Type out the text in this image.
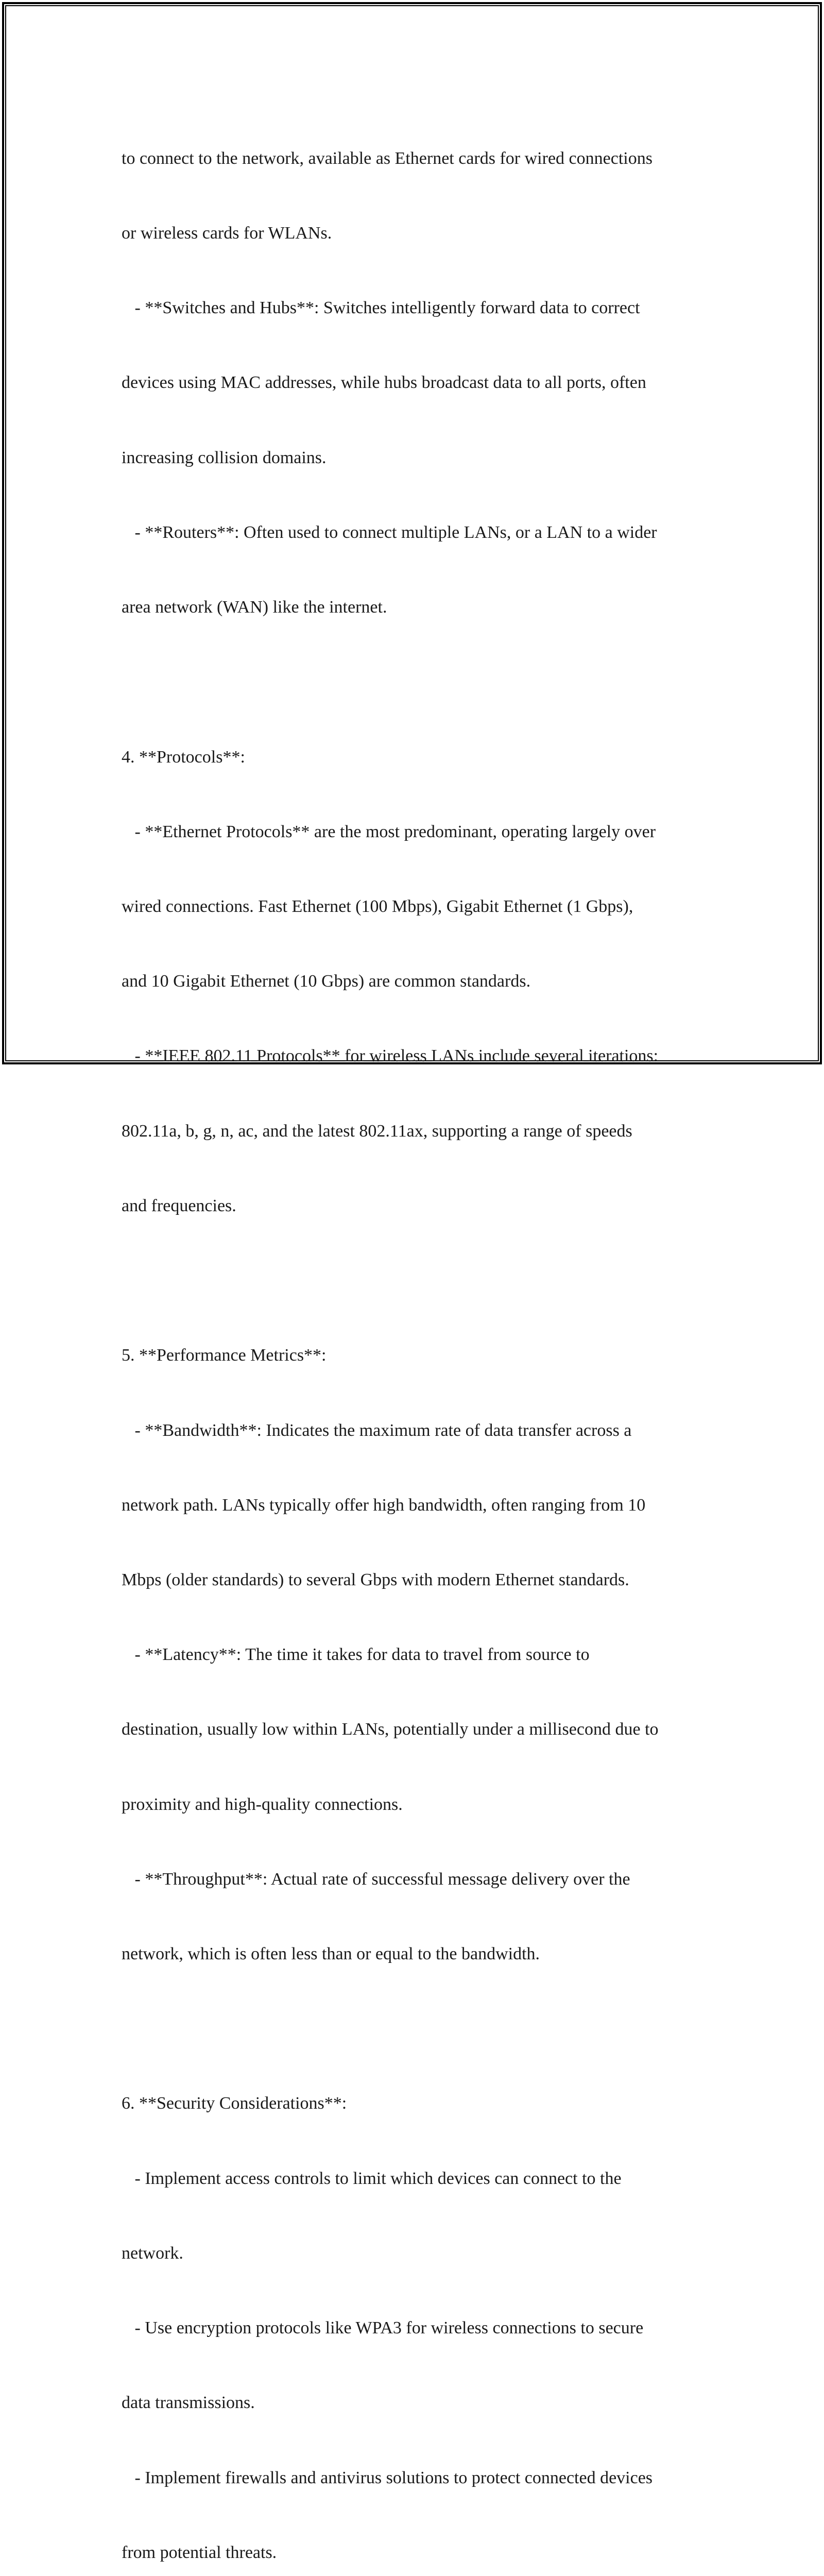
to connect to the network, available as Ethernet cards for wired connections

or wireless cards for WLANs.

- **Switches and Hubs**: Switches intelligently forward data to correct

devices using MAC addresses, while hubs broadcast data to all ports, often

increasing collision domains.

- **Routers**: Often used to connect multiple LANs, or a LAN to a wider

area network (WAN) like the internet.

4. **Protocols**:

- **Ethernet Protocols** are the most predominant, operating largely over

wired connections. Fast Ethernet (100 Mbps), Gigabit Ethernet (1 Gbps),

and 10 Gigabit Ethernet (10 Gbps) are common standards.

- **IEEE 802.11 Protocols** for wireless LANs include several iterations:

802.11a, b, g, n, ac, and the latest 802.11ax, supporting a range of speeds

and frequencies.

5. **Performance Metrics**:

- **Bandwidth**: Indicates the maximum rate of data transfer across a

network path. LANs typically offer high bandwidth, often ranging from 10

Mbps (older standards) to several Gbps with modern Ethernet standards.

- **Latency**: The time it takes for data to travel from source to

destination, usually low within LANs, potentially under a millisecond due to

proximity and high-quality connections.

- **Throughput**: Actual rate of successful message delivery over the

network, which is often less than or equal to the bandwidth.

6. **Security Considerations**:

- Implement access controls to limit which devices can connect to the

network.

- Use encryption protocols like WPA3 for wireless connections to secure

data transmissions.

- Implement firewalls and antivirus solutions to protect connected devices

from potential threats.
